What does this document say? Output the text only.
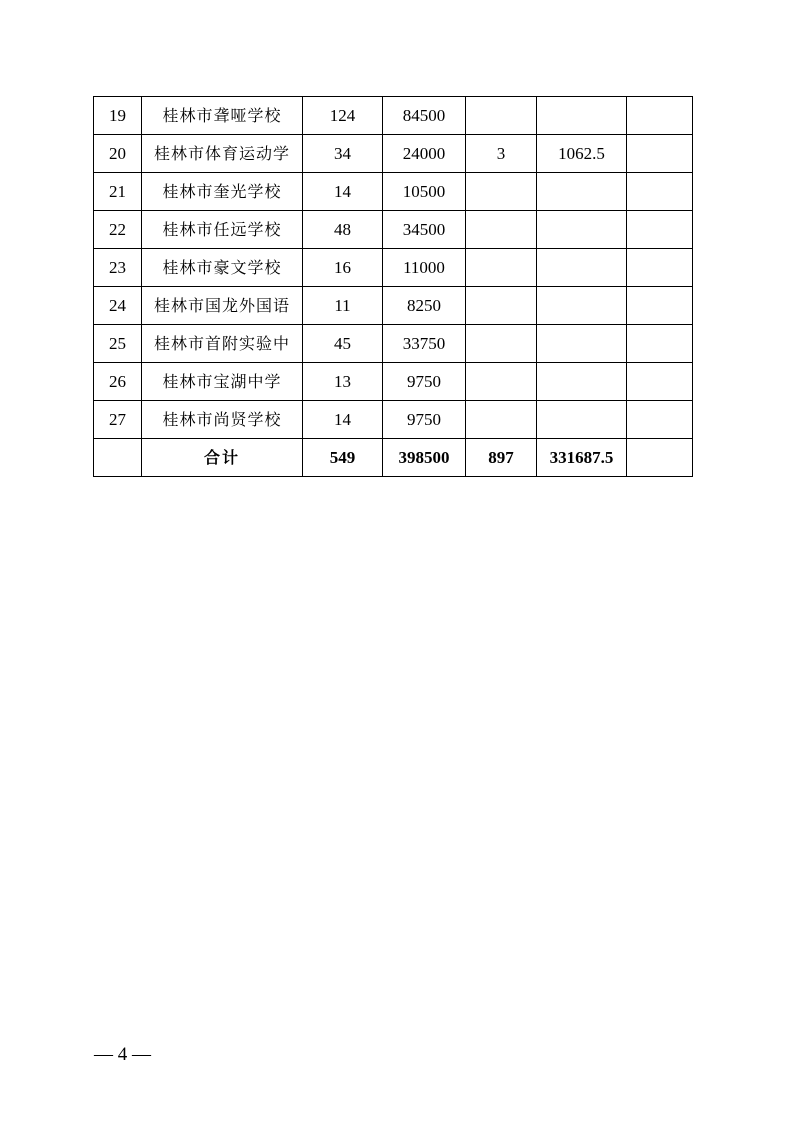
19	桂林市聋哑学校	124	84500			
20	桂林市体育运动学	34	24000	3	1062.5	
21	桂林市奎光学校	14	10500			
22	桂林市任远学校	48	34500			
23	桂林市豪文学校	16	11000			
24	桂林市国龙外国语	11	8250			
25	桂林市首附实验中	45	33750			
26	桂林市宝湖中学	13	9750			
27	桂林市尚贤学校	14	9750			
	合计	549	398500	897	331687.5	
— 4 —
